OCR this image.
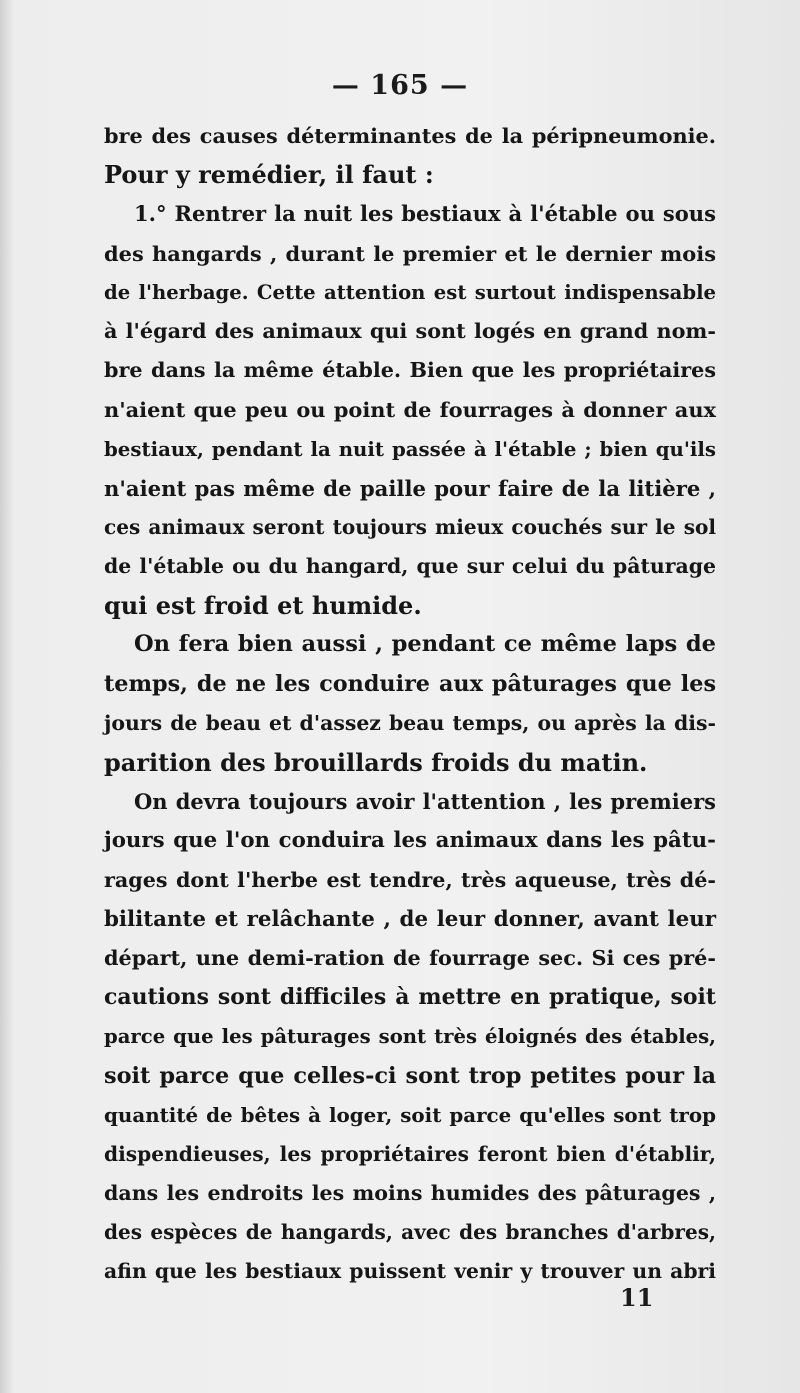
— 165 —
bre des causes déterminantes de la péripneumonie.
Pour y remédier, il faut :
1.° Rentrer la nuit les bestiaux à l'étable ou sous
des hangards , durant le premier et le dernier mois
de l'herbage. Cette attention est surtout indispensable
à l'égard des animaux qui sont logés en grand nom-
bre dans la même étable. Bien que les propriétaires
n'aient que peu ou point de fourrages à donner aux
bestiaux, pendant la nuit passée à l'étable ; bien qu'ils
n'aient pas même de paille pour faire de la litière ,
ces animaux seront toujours mieux couchés sur le sol
de l'étable ou du hangard, que sur celui du pâturage
qui est froid et humide.
On fera bien aussi , pendant ce même laps de
temps, de ne les conduire aux pâturages que les
jours de beau et d'assez beau temps, ou après la dis-
parition des brouillards froids du matin.
On devra toujours avoir l'attention , les premiers
jours que l'on conduira les animaux dans les pâtu-
rages dont l'herbe est tendre, très aqueuse, très dé-
bilitante et relâchante , de leur donner, avant leur
départ, une demi-ration de fourrage sec. Si ces pré-
cautions sont difficiles à mettre en pratique, soit
parce que les pâturages sont très éloignés des étables,
soit parce que celles-ci sont trop petites pour la
quantité de bêtes à loger, soit parce qu'elles sont trop
dispendieuses, les propriétaires feront bien d'établir,
dans les endroits les moins humides des pâturages ,
des espèces de hangards, avec des branches d'arbres,
afin que les bestiaux puissent venir y trouver un abri
11
